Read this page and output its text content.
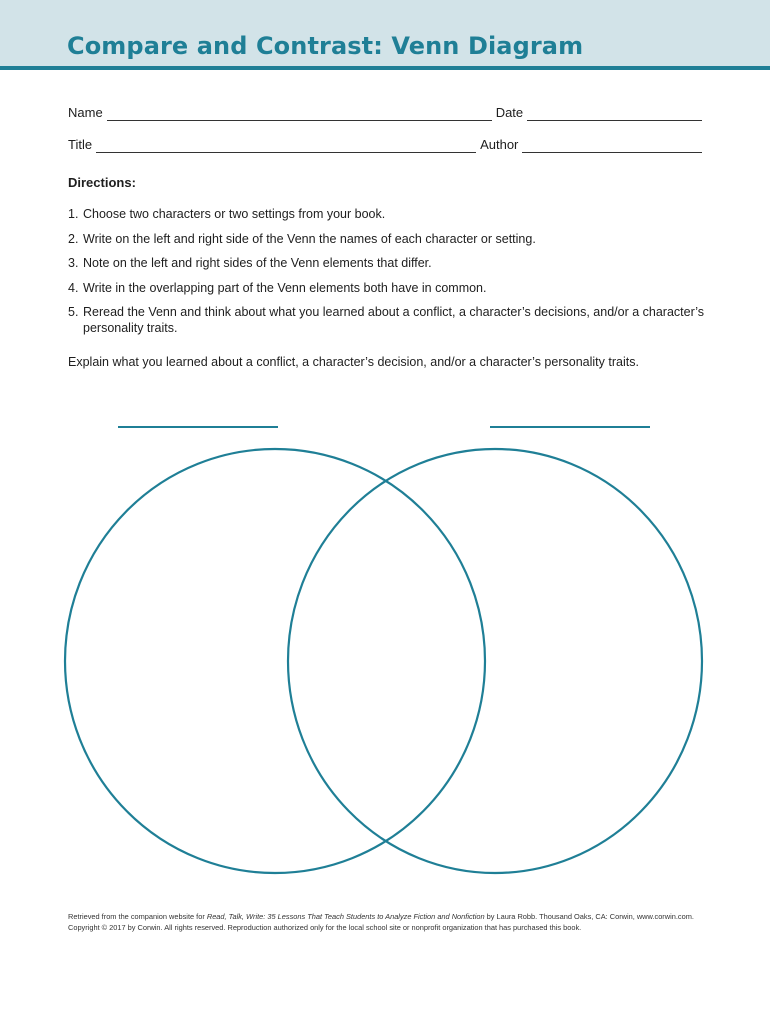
Compare and Contrast: Venn Diagram
Name	Date
Title	Author

Directions:

1. Choose two characters or two settings from your book.
2. Write on the left and right side of the Venn the names of each character or setting.
3. Note on the left and right sides of the Venn elements that differ.
4. Write in the overlapping part of the Venn elements both have in common.
5. Reread the Venn and think about what you learned about a conflict, a character’s decisions, and/or a character’s personality traits.

Explain what you learned about a conflict, a character’s decision, and/or a character’s personality traits.

Retrieved from the companion website for Read, Talk, Write: 35 Lessons That Teach Students to Analyze Fiction and Nonfiction by Laura Robb. Thousand Oaks, CA: Corwin, www.corwin.com. Copyright © 2017 by Corwin. All rights reserved. Reproduction authorized only for the local school site or nonprofit organization that has purchased this book.
